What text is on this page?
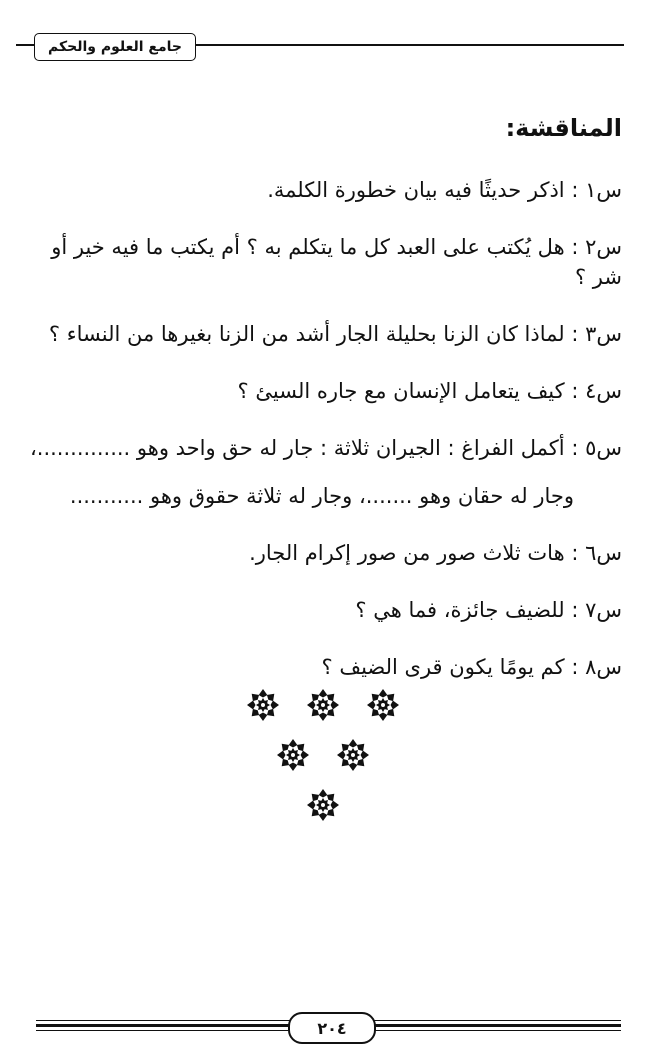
جامع العلوم والحكم

المناقشة:

س١ : اذكر حديثًا فيه بيان خطورة الكلمة.

س٢ : هل يُكتب على العبد كل ما يتكلم به ؟ أم يكتب ما فيه خير أو شر ؟

س٣ : لماذا كان الزنا بحليلة الجار أشد من الزنا بغيرها من النساء ؟

س٤ : كيف يتعامل الإنسان مع جاره السيئ ؟

س٥ : أكمل الفراغ : الجيران ثلاثة : جار له حق واحد وهو ..............،
وجار له حقان وهو .......، وجار له ثلاثة حقوق وهو ...........

س٦ : هات ثلاث صور من صور إكرام الجار.

س٧ : للضيف جائزة، فما هي ؟

س٨ : كم يومًا يكون قرى الضيف ؟

٢٠٤
